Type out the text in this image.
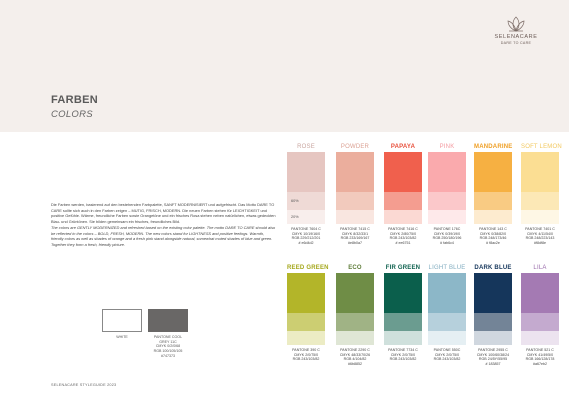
SELENACARE
DARE TO CARE
FARBEN
COLORS
Die Farben werden, basierend auf den bestehenden Farbpalette, SANFT MODERNISIERT und aufgefrischt. Das Motto DARE TO CARE sollte sich auch in den Farben zeigen – MUTIG, FRISCH, MODERN. Die neuen Farben stehen für LEICHTIGKEIT und positive Gefühle. Wärme, freundliche Farben sowie Orangetöne und ein frisches Rosa stehen neben natürlichen, etwas gedeckten Blau- und Grüntönen. Sie bilden gemeinsam ein frisches, freundliches Bild.
The colors are GENTLY MODERNIZED and refreshed based on the existing color palette. The motto DARE TO CARE should also be reflected in the colors – BOLD, FRESH, MODERN. The new colors stand for LIGHTNESS and positive feelings. Warmth, friendly colors as well as shades of orange and a fresh pink stand alongside natural, somewhat muted shades of blue and green. Together they form a fresh, friendly picture.
WHITE	PANTONE COOL
GREY 11C
CMYK 0/2/0/68
RGB 100/105/105
#747373
ROSE
60%
20%
PANTONE 7604 C
CMYK 10/19/16/0
RGB 229/212/201
# e6d4d2
POWDER
PANTONE 7415 C
CMYK 8/32/33/1
RGB 233/169/167
#e8b0a7
PAPAYA
PANTONE 7416 C
CMYK 2/80/75/0
RGB 243/103/82
# ee6751
PINK
PANTONE 176C
CMYK 0/39/19/0
RGB 250/180/196
# fab6c4
MANDARINE
PANTONE 143 C
CMYK 0/38/82/0
RGB 248/173/46
# f8ac2e
SOFT LEMON
PANTONE 7401 C
CMYK 4/11/54/0
RGB 248/223/143
#f8df8e
REED GREEN
PANTONE 390 C
CMYK 2/0/75/0
RGB 243/103/82
ECO
PANTONE 2290 C
CMYK 48/33/70/26
RGB 4/104/82
#6b8852
FIR GREEN
PANTONE 7734 C
CMYK 2/0/75/0
RGB 243/103/82
LIGHT BLUE
PANTONE 550C
CMYK 2/0/75/0
RGB 243/103/82
DARK BLUE
PANTONE 2955 C
CMYK 100/60/38/24
RGB 24/5Y/55/95
# 183857
LILA
PANTONE 521 C
CMYK 41/49/5/0
RGB 166/128/178
#a67eb2
SELENACARE STYLEGUIDE 2023
